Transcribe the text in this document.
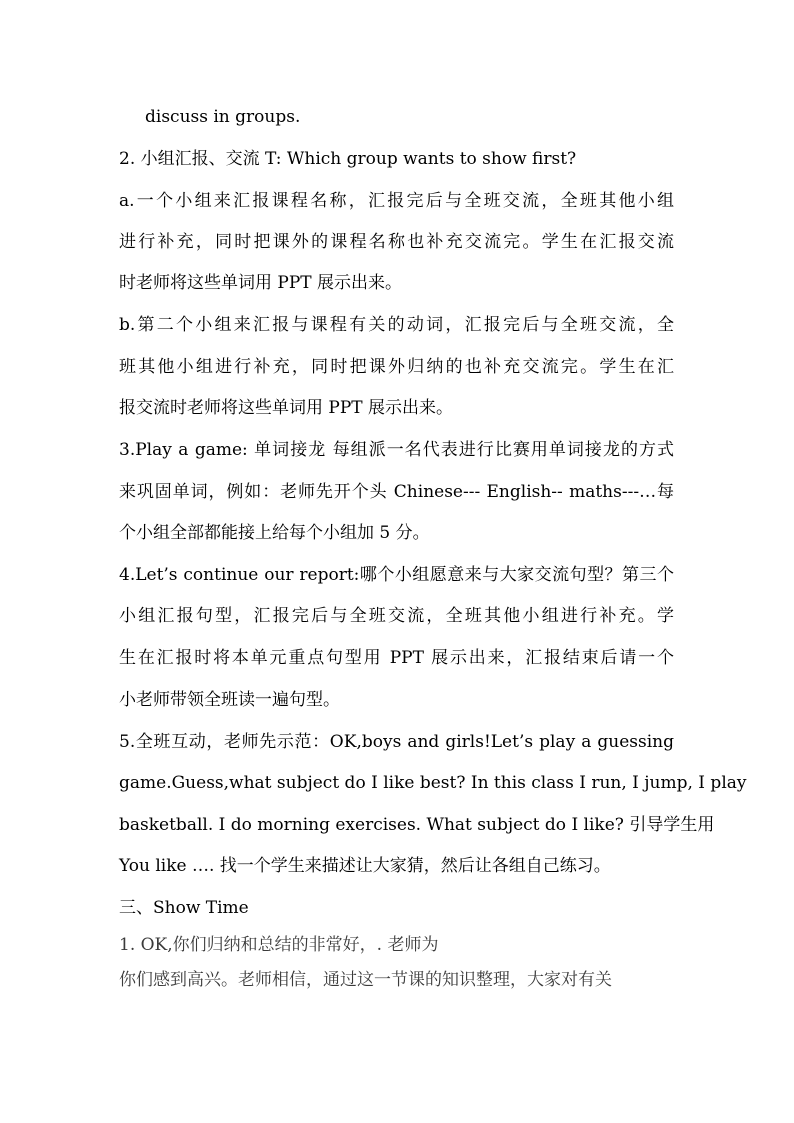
discuss in groups.
2. 小组汇报、交流 T: Which group wants to show first?
a.一个小组来汇报课程名称，汇报完后与全班交流，全班其他小组
进行补充，同时把课外的课程名称也补充交流完。学生在汇报交流
时老师将这些单词用 PPT 展示出来。
b.第二个小组来汇报与课程有关的动词，汇报完后与全班交流，全
班其他小组进行补充，同时把课外归纳的也补充交流完。学生在汇
报交流时老师将这些单词用 PPT 展示出来。
3.Play a game: 单词接龙 每组派一名代表进行比赛用单词接龙的方式
来巩固单词，例如：老师先开个头 Chinese--- English-- maths---…每
个小组全部都能接上给每个小组加 5 分。
4.Let’s continue our report:哪个小组愿意来与大家交流句型？第三个
小组汇报句型，汇报完后与全班交流，全班其他小组进行补充。学
生在汇报时将本单元重点句型用 PPT 展示出来，汇报结束后请一个
小老师带领全班读一遍句型。
5.全班互动，老师先示范：OK,boys and girls!Let’s play a guessing
game.Guess,what subject do I like best? In this class I run, I jump, I play
basketball. I do morning exercises. What subject do I like? 引导学生用
You like …. 找一个学生来描述让大家猜，然后让各组自己练习。
三、Show Time
1. OK,你们归纳和总结的非常好，. 老师为
你们感到高兴。老师相信，通过这一节课的知识整理，大家对有关
